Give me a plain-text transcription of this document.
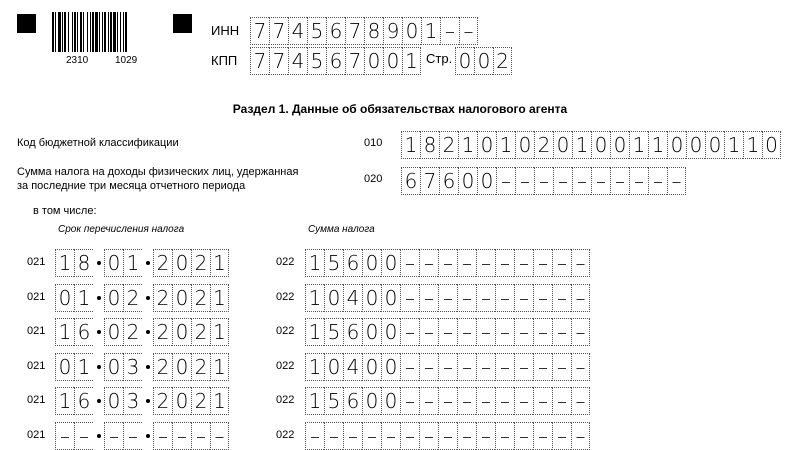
2310	1029
ИНН 7 7 4 5 6 7 8 9 0 1 – –
КПП 7 7 4 5 6 7 0 0 1 Стр. 0 0 2
Раздел 1. Данные об обязательствах налогового агента
Код бюджетной классификации	010 1 8 2 1 0 1 0 2 0 1 0 0 1 1 0 0 0 1 1 0
Сумма налога на доходы физических лиц, удержанная
за последние три месяца отчетного периода
020 6 7 6 0 0 – – – – – – – – – –
в том числе:
Срок перечисления налога	Сумма налога
021 1 8 0 1 2 0 2 1	022 1 5 6 0 0 – – – – – – – – – –
021 0 1 0 2 2 0 2 1	022 1 0 4 0 0 – – – – – – – – – –
021 1 6 0 2 2 0 2 1	022 1 5 6 0 0 – – – – – – – – – –
021 0 1 0 3 2 0 2 1	022 1 0 4 0 0 – – – – – – – – – –
021 1 6 0 3 2 0 2 1	022 1 5 6 0 0 – – – – – – – – – –
021 – – – – – – – –	022 – – – – – – – – – – – – – – –
